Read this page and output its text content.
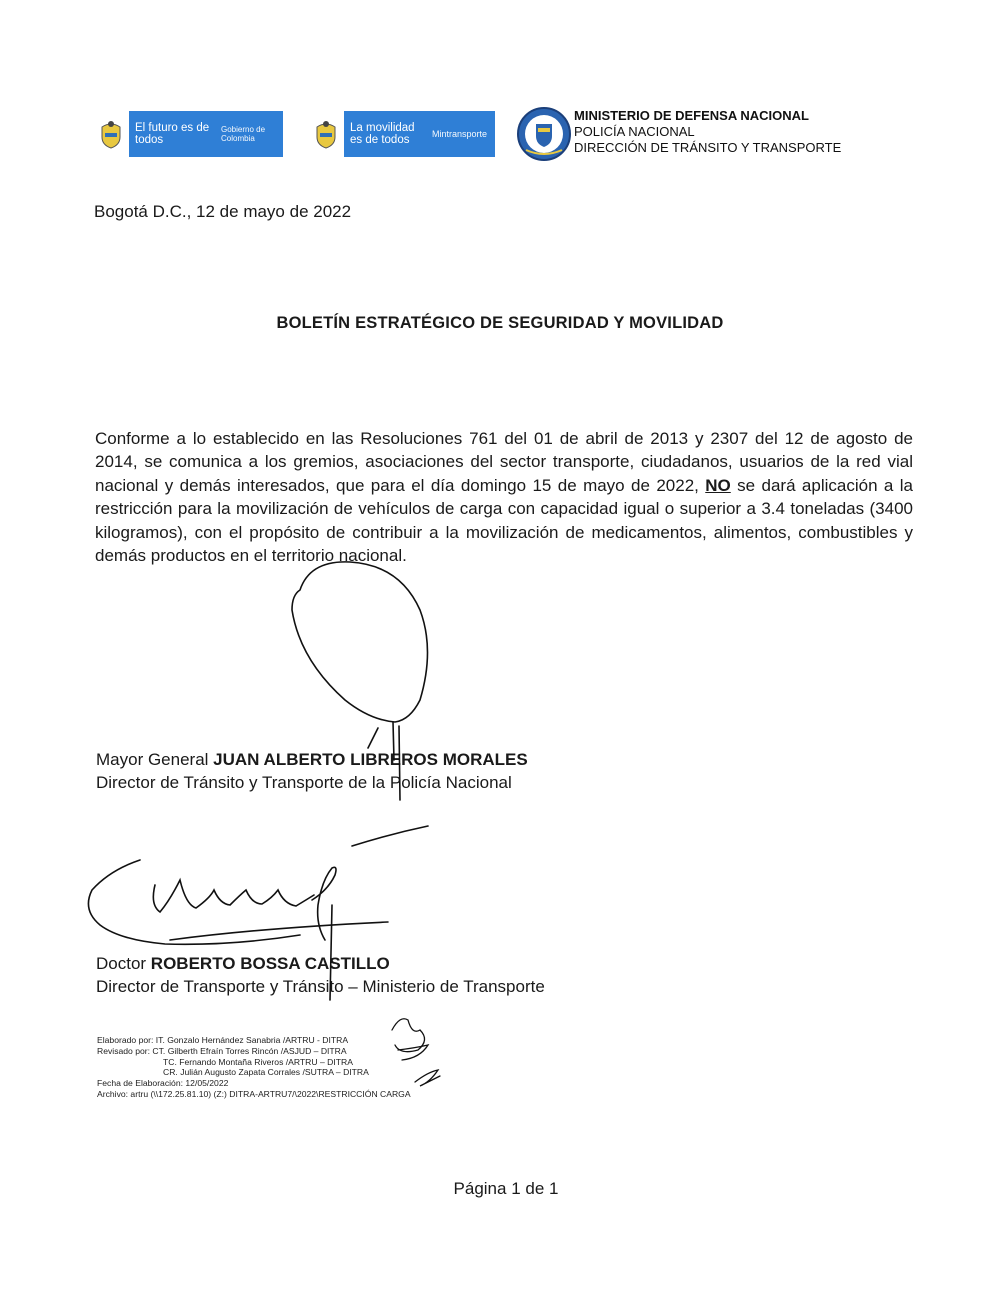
El futuro es de todos
Gobierno de Colombia
La movilidad es de todos
Mintransporte
MINISTERIO DE DEFENSA NACIONAL
POLICÍA NACIONAL
DIRECCIÓN DE TRÁNSITO Y TRANSPORTE
Bogotá D.C., 12 de mayo de 2022
BOLETÍN ESTRATÉGICO DE SEGURIDAD Y MOVILIDAD
Conforme a lo establecido en las Resoluciones 761 del 01 de abril de 2013 y 2307 del 12 de agosto de 2014, se comunica a los gremios, asociaciones del sector transporte, ciudadanos, usuarios de la red vial nacional y demás interesados, que para el día domingo 15 de mayo de 2022, NO se dará aplicación a la restricción para la movilización de vehículos de carga con capacidad igual o superior a 3.4 toneladas (3400 kilogramos), con el propósito de contribuir a la movilización de medicamentos, alimentos, combustibles y demás productos en el territorio nacional.
Mayor General JUAN ALBERTO LIBREROS MORALES
Director de Tránsito y Transporte de la Policía Nacional
Doctor ROBERTO BOSSA CASTILLO
Director de Transporte y Tránsito – Ministerio de Transporte
Elaborado por: IT. Gonzalo Hernández Sanabria /ARTRU - DITRA
Revisado por: CT. Gilberth Efraín Torres Rincón /ASJUD – DITRA
TC. Fernando Montaña Riveros /ARTRU – DITRA
CR. Julián Augusto Zapata Corrales /SUTRA – DITRA
Fecha de Elaboración: 12/05/2022
Archivo: artru (\\172.25.81.10) (Z:) DITRA-ARTRU7/\2022\RESTRICCIÓN CARGA
Página 1 de 1
